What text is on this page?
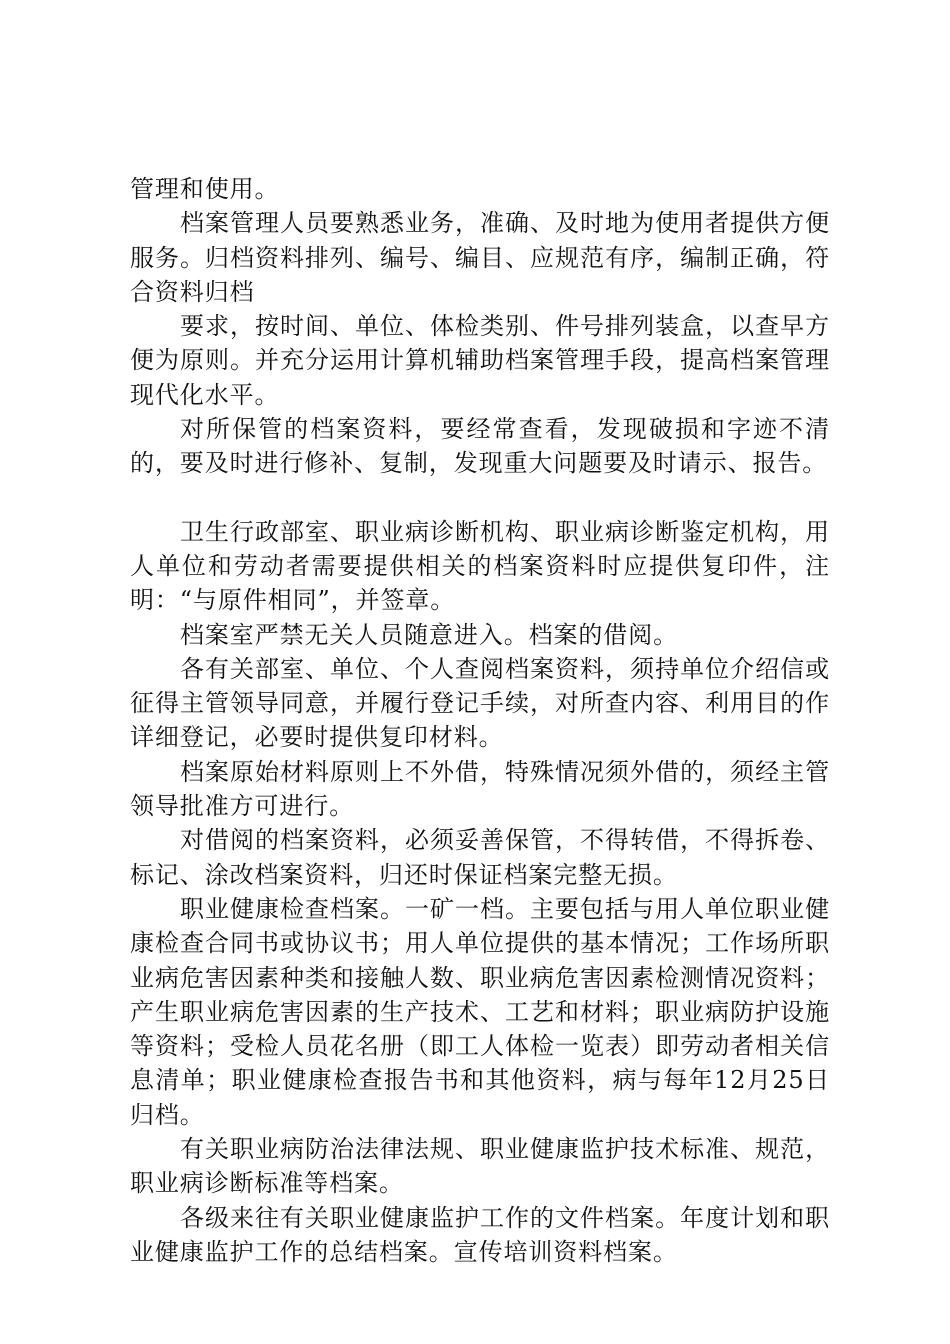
管理和使用。

档案管理人员要熟悉业务，准确、及时地为使用者提供方便服务。归档资料排列、编号、编目、应规范有序，编制正确，符合资料归档

要求，按时间、单位、体检类别、件号排列装盒，以查早方便为原则。并充分运用计算机辅助档案管理手段，提高档案管理现代化水平。

对所保管的档案资料，要经常查看，发现破损和字迹不清的，要及时进行修补、复制，发现重大问题要及时请示、报告。

卫生行政部室、职业病诊断机构、职业病诊断鉴定机构，用人单位和劳动者需要提供相关的档案资料时应提供复印件，注明：“与原件相同”，并签章。

档案室严禁无关人员随意进入。档案的借阅。

各有关部室、单位、个人查阅档案资料，须持单位介绍信或征得主管领导同意，并履行登记手续，对所查内容、利用目的作详细登记，必要时提供复印材料。

档案原始材料原则上不外借，特殊情况须外借的，须经主管领导批准方可进行。

对借阅的档案资料，必须妥善保管，不得转借，不得拆卷、标记、涂改档案资料，归还时保证档案完整无损。

职业健康检查档案。一矿一档。主要包括与用人单位职业健康检查合同书或协议书；用人单位提供的基本情况；工作场所职业病危害因素种类和接触人数、职业病危害因素检测情况资料；产生职业病危害因素的生产技术、工艺和材料；职业病防护设施等资料；受检人员花名册（即工人体检一览表）即劳动者相关信息清单；职业健康检查报告书和其他资料，病与每年12月25日归档。

有关职业病防治法律法规、职业健康监护技术标准、规范，职业病诊断标准等档案。

各级来往有关职业健康监护工作的文件档案。年度计划和职业健康监护工作的总结档案。宣传培训资料档案。
